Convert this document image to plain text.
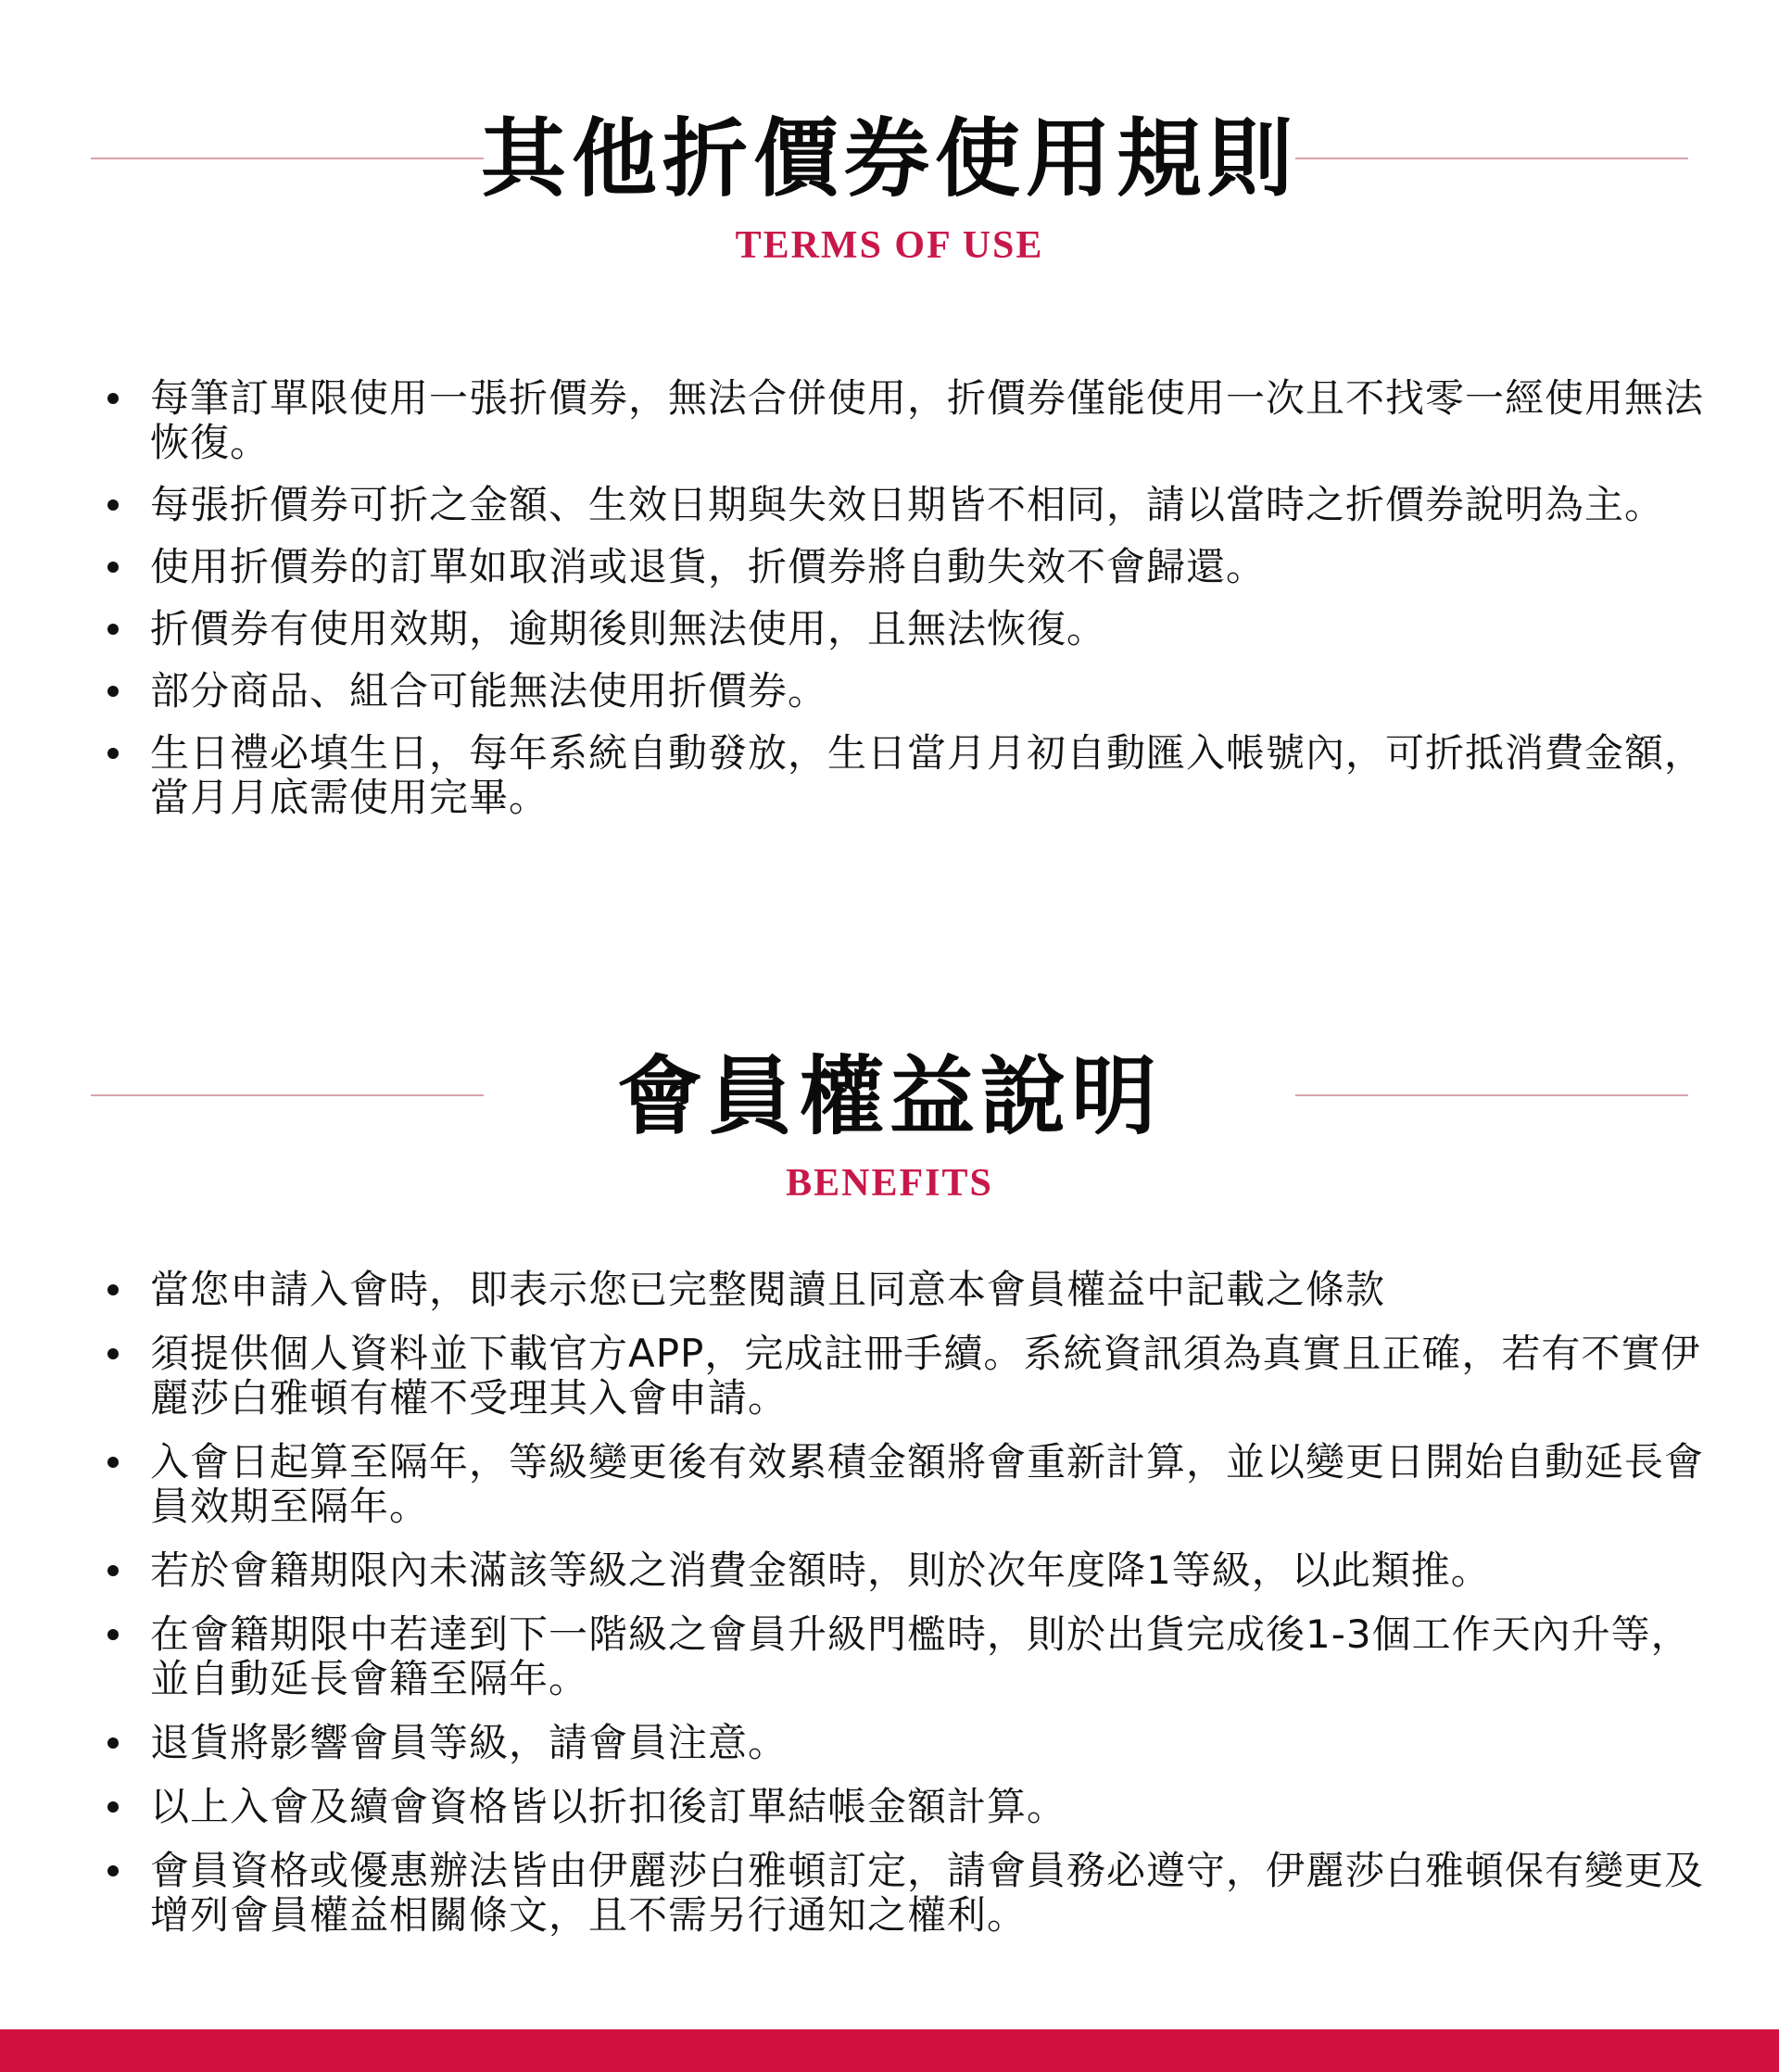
其他折價券使用規則
TERMS OF USE
每筆訂單限使用一張折價券，無法合併使用，折價券僅能使用一次且不找零一經使用無法恢復。
每張折價券可折之金額、生效日期與失效日期皆不相同，請以當時之折價券說明為主。
使用折價券的訂單如取消或退貨，折價券將自動失效不會歸還。
折價券有使用效期，逾期後則無法使用，且無法恢復。
部分商品、組合可能無法使用折價券。
生日禮必填生日，每年系統自動發放，生日當月月初自動匯入帳號內，可折抵消費金額，當月月底需使用完畢。
會員權益說明
BENEFITS
當您申請入會時，即表示您已完整閱讀且同意本會員權益中記載之條款
須提供個人資料並下載官方APP，完成註冊手續。系統資訊須為真實且正確，若有不實伊麗莎白雅頓有權不受理其入會申請。
入會日起算至隔年，等級變更後有效累積金額將會重新計算，並以變更日開始自動延長會員效期至隔年。
若於會籍期限內未滿該等級之消費金額時，則於次年度降1等級，以此類推。
在會籍期限中若達到下一階級之會員升級門檻時，則於出貨完成後1-3個工作天內升等，並自動延長會籍至隔年。
退貨將影響會員等級，請會員注意。
以上入會及續會資格皆以折扣後訂單結帳金額計算。
會員資格或優惠辦法皆由伊麗莎白雅頓訂定，請會員務必遵守，伊麗莎白雅頓保有變更及增列會員權益相關條文，且不需另行通知之權利。
